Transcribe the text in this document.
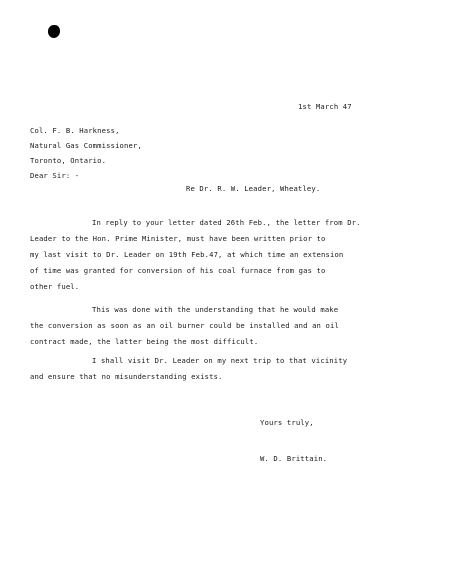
1st March 47
Col. F. B. Harkness,
Natural Gas Commissioner,
Toronto, Ontario.
Dear Sir: -
Re Dr. R. W. Leader, Wheatley.
In reply to your letter dated 26th Feb., the letter from Dr.
Leader to the Hon. Prime Minister, must have been written prior to
my last visit to Dr. Leader on 19th Feb.47, at which time an extension
of time was granted for conversion of his coal furnace from gas to
other fuel.
This was done with the understanding that he would make
the conversion as soon as an oil burner could be installed and an oil
contract made, the latter being the most difficult.
I shall visit Dr. Leader on my next trip to that vicinity
and ensure that no misunderstanding exists.
Yours truly,
W. D. Brittain.
